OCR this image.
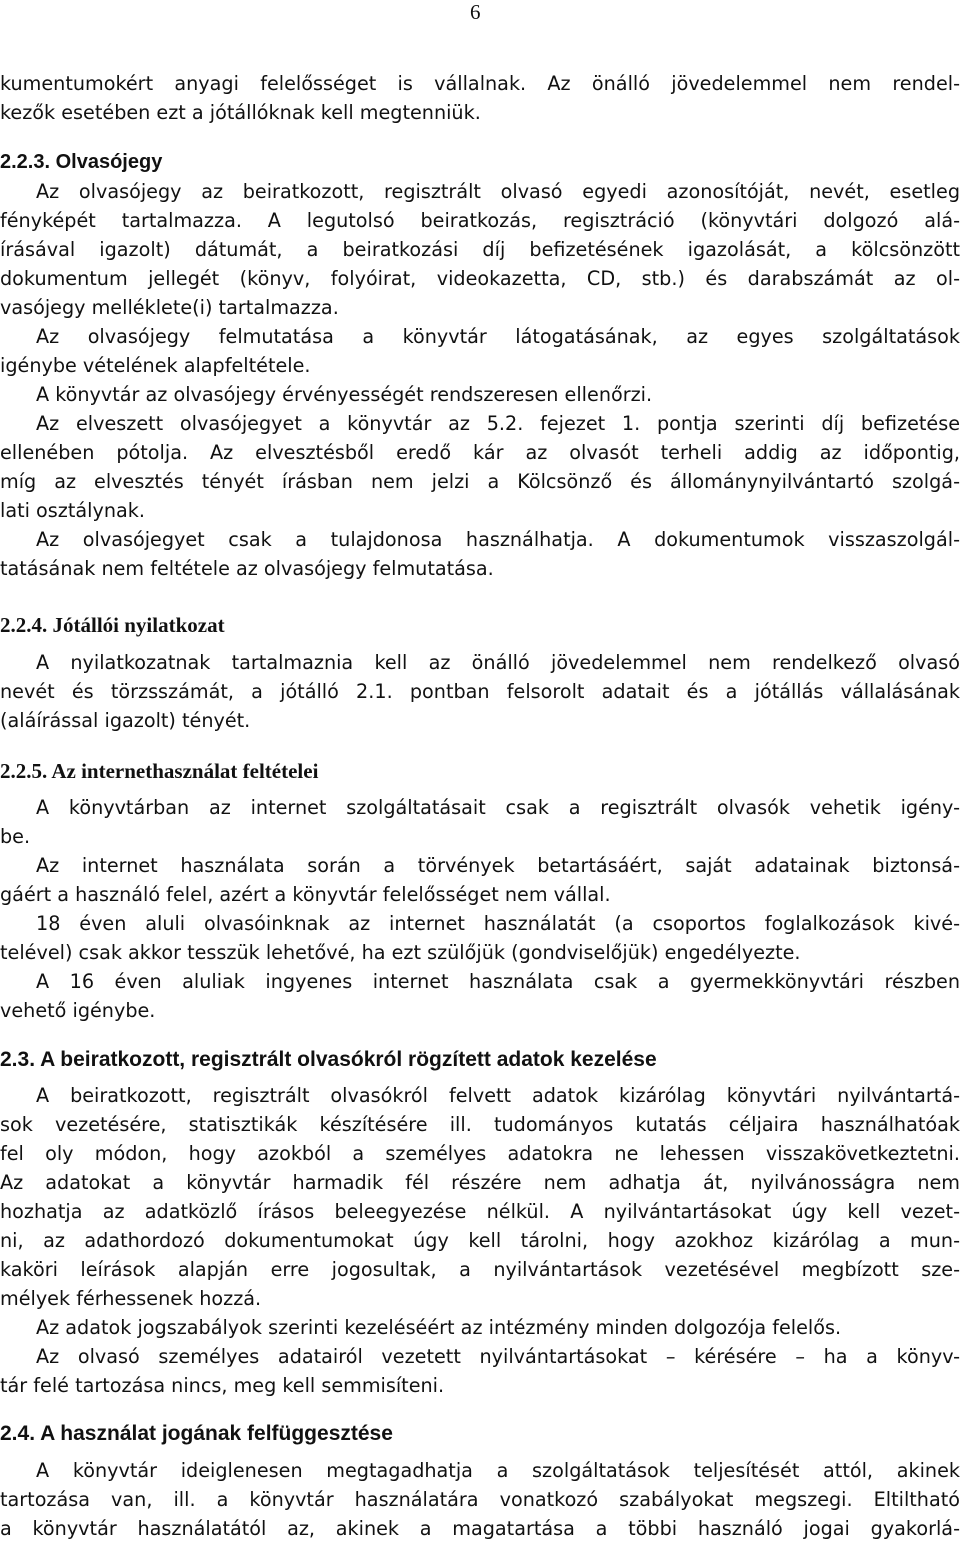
6
kumentumokért anyagi felelősséget is vállalnak. Az önálló jövedelemmel nem rendel-
kezők esetében ezt a jótállóknak kell megtenniük.
2.2.3. Olvasójegy
Az olvasójegy az beiratkozott, regisztrált olvasó egyedi azonosítóját, nevét, esetleg
fényképét tartalmazza. A legutolsó beiratkozás, regisztráció (könyvtári dolgozó alá-
írásával igazolt) dátumát, a beiratkozási díj befizetésének igazolását, a kölcsönzött
dokumentum jellegét (könyv, folyóirat, videokazetta, CD, stb.) és darabszámát az ol-
vasójegy melléklete(i) tartalmazza.
Az olvasójegy felmutatása a könyvtár látogatásának, az egyes szolgáltatások
igénybe vételének alapfeltétele.
A könyvtár az olvasójegy érvényességét rendszeresen ellenőrzi.
Az elveszett olvasójegyet a könyvtár az 5.2. fejezet 1. pontja szerinti díj befizetése
ellenében pótolja. Az elvesztésből eredő kár az olvasót terheli addig az időpontig,
míg az elvesztés tényét írásban nem jelzi a Kölcsönző és állománynyilvántartó szolgá-
lati osztálynak.
Az olvasójegyet csak a tulajdonosa használhatja. A dokumentumok visszaszolgál-
tatásának nem feltétele az olvasójegy felmutatása.
2.2.4. Jótállói nyilatkozat
A nyilatkozatnak tartalmaznia kell az önálló jövedelemmel nem rendelkező olvasó
nevét és törzsszámát, a jótálló 2.1. pontban felsorolt adatait és a jótállás vállalásának
(aláírással igazolt) tényét.
2.2.5. Az internethasználat feltételei
A könyvtárban az internet szolgáltatásait csak a regisztrált olvasók vehetik igény-
be.
Az internet használata során a törvények betartásáért, saját adatainak biztonsá-
gáért a használó felel, azért a könyvtár felelősséget nem vállal.
18 éven aluli olvasóinknak az internet használatát (a csoportos foglalkozások kivé-
telével) csak akkor tesszük lehetővé, ha ezt szülőjük (gondviselőjük) engedélyezte.
A 16 éven aluliak ingyenes internet használata csak a gyermekkönyvtári részben
vehető igénybe.
2.3. A beiratkozott, regisztrált olvasókról rögzített adatok kezelése
A beiratkozott, regisztrált olvasókról felvett adatok kizárólag könyvtári nyilvántartá-
sok vezetésére, statisztikák készítésére ill. tudományos kutatás céljaira használhatóak
fel oly módon, hogy azokból a személyes adatokra ne lehessen visszakövetkeztetni.
Az adatokat a könyvtár harmadik fél részére nem adhatja át, nyilvánosságra nem
hozhatja az adatközlő írásos beleegyezése nélkül. A nyilvántartásokat úgy kell vezet-
ni, az adathordozó dokumentumokat úgy kell tárolni, hogy azokhoz kizárólag a mun-
kaköri leírások alapján erre jogosultak, a nyilvántartások vezetésével megbízott sze-
mélyek férhessenek hozzá.
Az adatok jogszabályok szerinti kezeléséért az intézmény minden dolgozója felelős.
Az olvasó személyes adatairól vezetett nyilvántartásokat – kérésére – ha a könyv-
tár felé tartozása nincs, meg kell semmisíteni.
2.4. A használat jogának felfüggesztése
A könyvtár ideiglenesen megtagadhatja a szolgáltatások teljesítését attól, akinek
tartozása van, ill. a könyvtár használatára vonatkozó szabályokat megszegi. Eltiltható
a könyvtár használatától az, akinek a magatartása a többi használó jogai gyakorlá-
